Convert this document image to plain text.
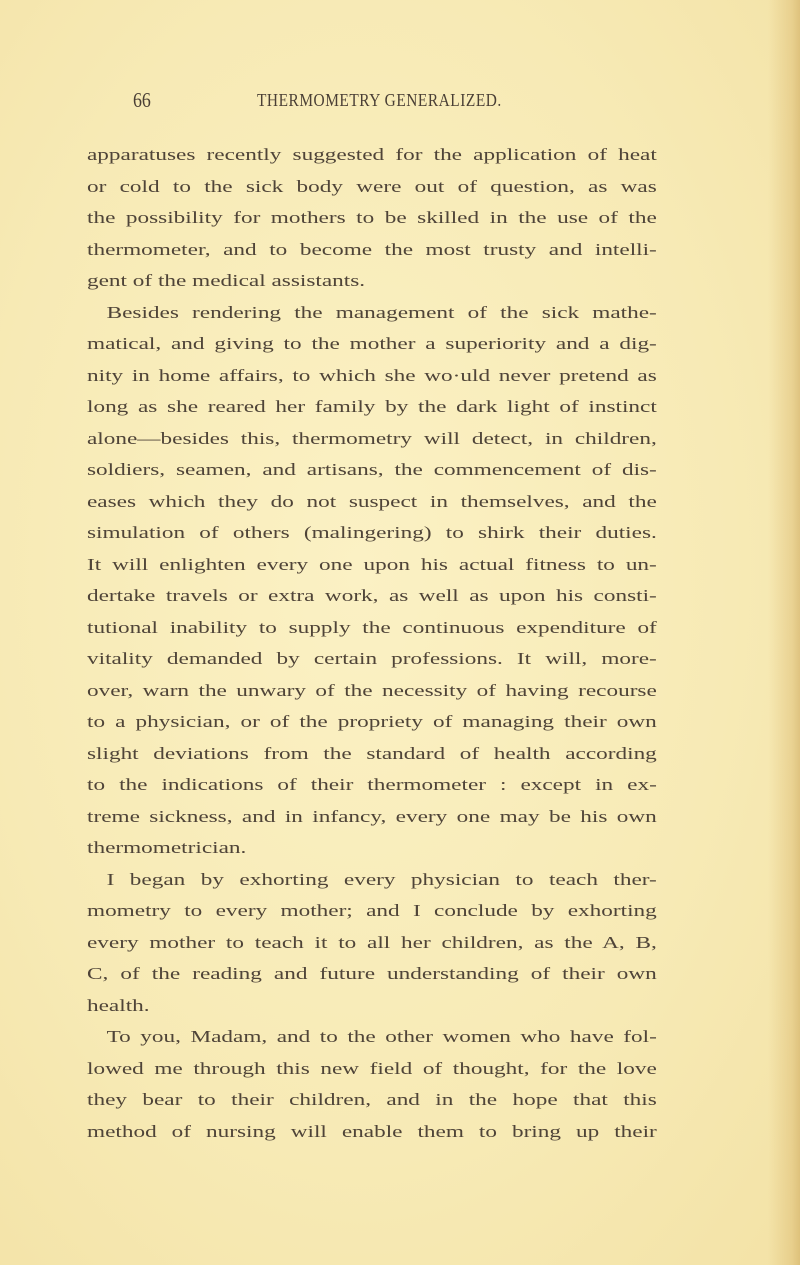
66	THERMOMETRY GENERALIZED.
apparatuses recently suggested for the application of heat
or cold to the sick body were out of question, as was
the possibility for mothers to be skilled in the use of the
thermometer, and to become the most trusty and intelli-
gent of the medical assistants.
Besides rendering the management of the sick mathe-
matical, and giving to the mother a superiority and a dig-
nity in home affairs, to which she wo·uld never pretend as
long as she reared her family by the dark light of instinct
alone—besides this, thermometry will detect, in children,
soldiers, seamen, and artisans, the commencement of dis-
eases which they do not suspect in themselves, and the
simulation of others (malingering) to shirk their duties.
It will enlighten every one upon his actual fitness to un-
dertake travels or extra work, as well as upon his consti-
tutional inability to supply the continuous expenditure of
vitality demanded by certain professions. It will, more-
over, warn the unwary of the necessity of having recourse
to a physician, or of the propriety of managing their own
slight deviations from the standard of health according
to the indications of their thermometer : except in ex-
treme sickness, and in infancy, every one may be his own
thermometrician.
I began by exhorting every physician to teach ther-
mometry to every mother; and I conclude by exhorting
every mother to teach it to all her children, as the A, B,
C, of the reading and future understanding of their own
health.
To you, Madam, and to the other women who have fol-
lowed me through this new field of thought, for the love
they bear to their children, and in the hope that this
method of nursing will enable them to bring up their
